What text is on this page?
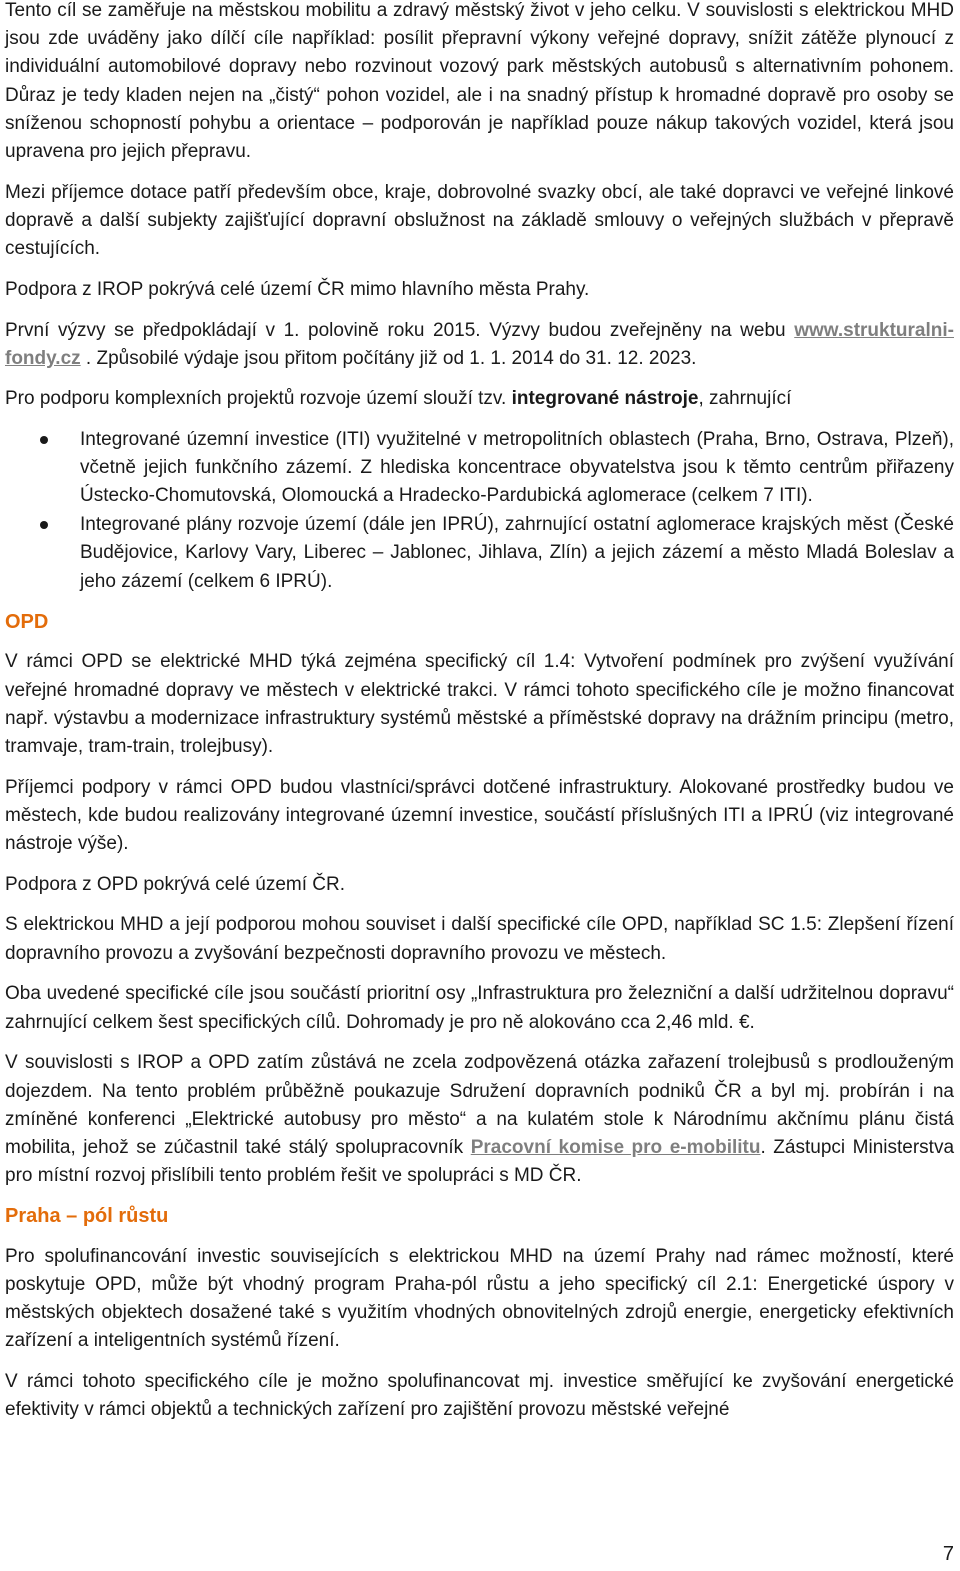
Tento cíl se zaměřuje na městskou mobilitu a zdravý městský život v jeho celku. V souvislosti s elektrickou MHD jsou zde uváděny jako dílčí cíle například: posílit přepravní výkony veřejné dopravy, snížit zátěže plynoucí z individuální automobilové dopravy nebo rozvinout vozový park městských autobusů s alternativním pohonem. Důraz je tedy kladen nejen na „čistý“ pohon vozidel, ale i na snadný přístup k hromadné dopravě pro osoby se sníženou schopností pohybu a orientace – podporován je například pouze nákup takových vozidel, která jsou upravena pro jejich přepravu.

Mezi příjemce dotace patří především obce, kraje, dobrovolné svazky obcí, ale také dopravci ve veřejné linkové dopravě a další subjekty zajišťující dopravní obslužnost na základě smlouvy o veřejných službách v přepravě cestujících.

Podpora z IROP pokrývá celé území ČR mimo hlavního města Prahy.

První výzvy se předpokládají v 1. polovině roku 2015. Výzvy budou zveřejněny na webu www.strukturalni-fondy.cz . Způsobilé výdaje jsou přitom počítány již od 1. 1. 2014 do 31. 12. 2023.

Pro podporu komplexních projektů rozvoje území slouží tzv. integrované nástroje, zahrnující

Integrované územní investice (ITI) využitelné v metropolitních oblastech (Praha, Brno, Ostrava, Plzeň), včetně jejich funkčního zázemí. Z hlediska koncentrace obyvatelstva jsou k těmto centrům přiřazeny Ústecko-Chomutovská, Olomoucká a Hradecko-Pardubická aglomerace (celkem 7 ITI).
Integrované plány rozvoje území (dále jen IPRÚ), zahrnující ostatní aglomerace krajských měst (České Budějovice, Karlovy Vary, Liberec – Jablonec, Jihlava, Zlín) a jejich zázemí a město Mladá Boleslav a jeho zázemí (celkem 6 IPRÚ).
OPD

V rámci OPD se elektrické MHD týká zejména specifický cíl 1.4: Vytvoření podmínek pro zvýšení využívání veřejné hromadné dopravy ve městech v elektrické trakci. V rámci tohoto specifického cíle je možno financovat např. výstavbu a modernizace infrastruktury systémů městské a příměstské dopravy na drážním principu (metro, tramvaje, tram-train, trolejbusy).

Příjemci podpory v rámci OPD budou vlastníci/správci dotčené infrastruktury. Alokované prostředky budou ve městech, kde budou realizovány integrované územní investice, součástí příslušných ITI a IPRÚ (viz integrované nástroje výše).

Podpora z OPD pokrývá celé území ČR.

S elektrickou MHD a její podporou mohou souviset i další specifické cíle OPD, například SC 1.5: Zlepšení řízení dopravního provozu a zvyšování bezpečnosti dopravního provozu ve městech.

Oba uvedené specifické cíle jsou součástí prioritní osy „Infrastruktura pro železniční a další udržitelnou dopravu“ zahrnující celkem šest specifických cílů. Dohromady je pro ně alokováno cca 2,46 mld. €.

V souvislosti s IROP a OPD zatím zůstává ne zcela zodpovězená otázka zařazení trolejbusů s prodlouženým dojezdem. Na tento problém průběžně poukazuje Sdružení dopravních podniků ČR a byl mj. probírán i na zmíněné konferenci „Elektrické autobusy pro město“ a na kulatém stole k Národnímu akčnímu plánu čistá mobilita, jehož se zúčastnil také stálý spolupracovník Pracovní komise pro e-mobilitu. Zástupci Ministerstva pro místní rozvoj přislíbili tento problém řešit ve spolupráci s MD ČR.

Praha – pól růstu

Pro spolufinancování investic souvisejících s elektrickou MHD na území Prahy nad rámec možností, které poskytuje OPD, může být vhodný program Praha-pól růstu a jeho specifický cíl 2.1: Energetické úspory v městských objektech dosažené také s využitím vhodných obnovitelných zdrojů energie, energeticky efektivních zařízení a inteligentních systémů řízení.

V rámci tohoto specifického cíle je možno spolufinancovat mj. investice směřující ke zvyšování energetické efektivity v rámci objektů a technických zařízení pro zajištění provozu městské veřejné

7
